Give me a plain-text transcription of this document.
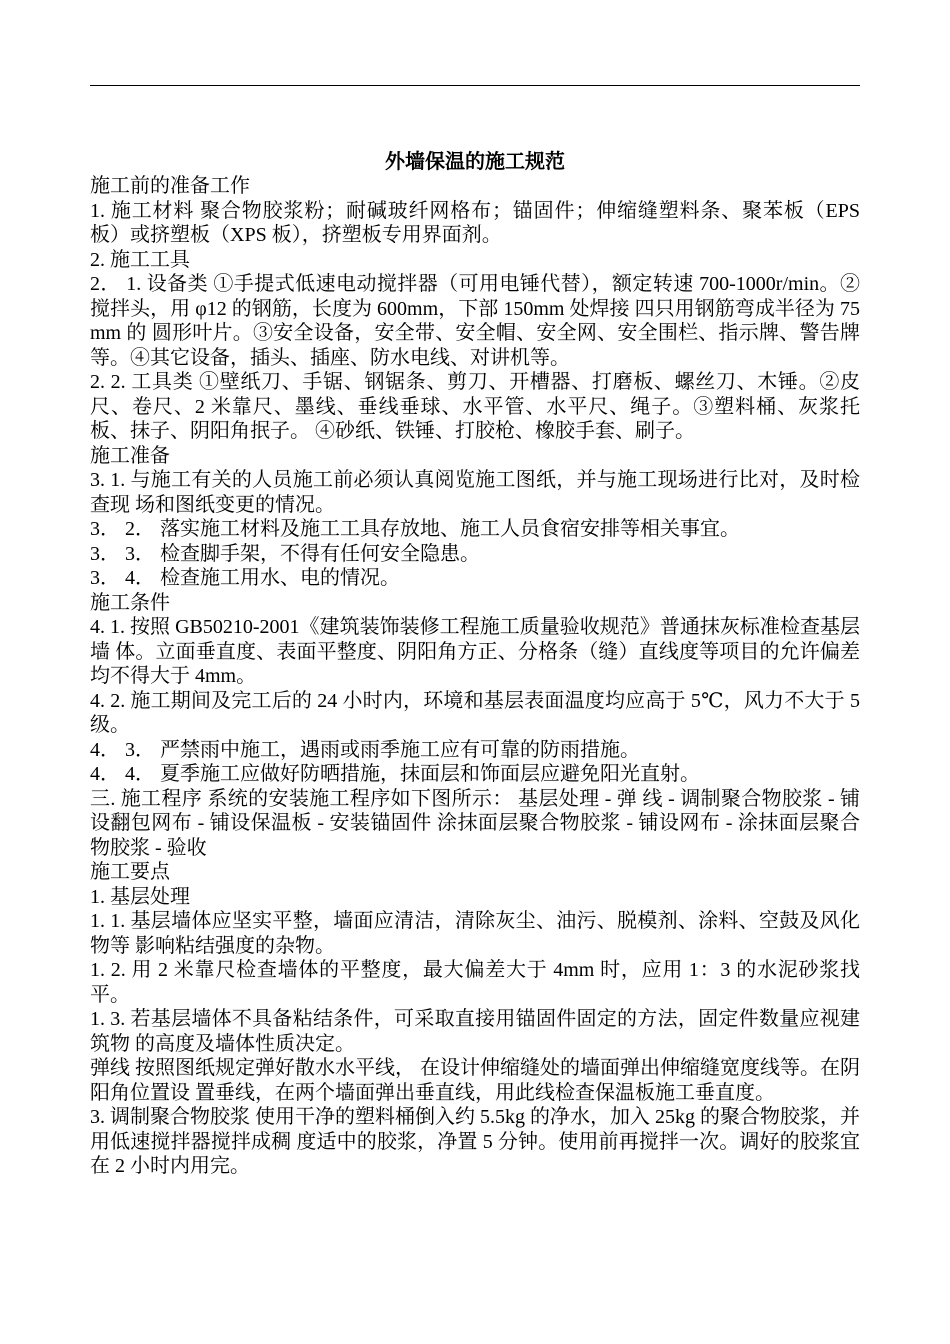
外墙保温的施工规范

施工前的准备工作

1. 施工材料 聚合物胶浆粉；耐碱玻纤网格布；锚固件；伸缩缝塑料条、聚苯板（EPS 板）或挤塑板（XPS 板），挤塑板专用界面剂。

2. 施工工具

2． 1. 设备类 ①手提式低速电动搅拌器（可用电锤代替），额定转速 700-1000r/min。②搅拌头，用 φ12 的钢筋，长度为 600mm，下部 150mm 处焊接 四只用钢筋弯成半径为 75mm 的 圆形叶片。③安全设备，安全带、安全帽、安全网、安全围栏、指示牌、警告牌等。④其它设备，插头、插座、防水电线、对讲机等。

2. 2. 工具类 ①壁纸刀、手锯、钢锯条、剪刀、开槽器、打磨板、螺丝刀、木锤。②皮尺、卷尺、2 米靠尺、墨线、垂线垂球、水平管、水平尺、绳子。③塑料桶、灰浆托板、抹子、阴阳角抿子。 ④砂纸、铁锤、打胶枪、橡胶手套、刷子。

施工准备

3. 1. 与施工有关的人员施工前必须认真阅览施工图纸，并与施工现场进行比对，及时检查现 场和图纸变更的情况。

3． 2． 落实施工材料及施工工具存放地、施工人员食宿安排等相关事宜。

3． 3． 检查脚手架，不得有任何安全隐患。

3． 4． 检查施工用水、电的情况。

施工条件

4. 1. 按照 GB50210-2001《建筑装饰装修工程施工质量验收规范》普通抹灰标准检查基层墙 体。立面垂直度、表面平整度、阴阳角方正、分格条（缝）直线度等项目的允许偏差均不得大于 4mm。

4. 2. 施工期间及完工后的 24 小时内，环境和基层表面温度均应高于 5℃，风力不大于 5 级。

4． 3． 严禁雨中施工，遇雨或雨季施工应有可靠的防雨措施。

4． 4． 夏季施工应做好防晒措施，抹面层和饰面层应避免阳光直射。

三. 施工程序 系统的安装施工程序如下图所示： 基层处理 - 弹 线 - 调制聚合物胶浆 - 铺设翻包网布 - 铺设保温板 - 安装锚固件 涂抹面层聚合物胶浆 - 铺设网布 - 涂抹面层聚合物胶浆 - 验收

施工要点

1. 基层处理

1. 1. 基层墙体应坚实平整，墙面应清洁，清除灰尘、油污、脱模剂、涂料、空鼓及风化物等 影响粘结强度的杂物。

1. 2. 用 2 米靠尺检查墙体的平整度，最大偏差大于 4mm 时，应用 1：3 的水泥砂浆找平。

1. 3. 若基层墙体不具备粘结条件，可采取直接用锚固件固定的方法，固定件数量应视建筑物 的高度及墙体性质决定。

弹线 按照图纸规定弹好散水水平线， 在设计伸缩缝处的墙面弹出伸缩缝宽度线等。在阴阳角位置设 置垂线，在两个墙面弹出垂直线，用此线检查保温板施工垂直度。

3. 调制聚合物胶浆 使用干净的塑料桶倒入约 5.5kg 的净水，加入 25kg 的聚合物胶浆，并用低速搅拌器搅拌成稠 度适中的胶浆，净置 5 分钟。使用前再搅拌一次。调好的胶浆宜在 2 小时内用完。
